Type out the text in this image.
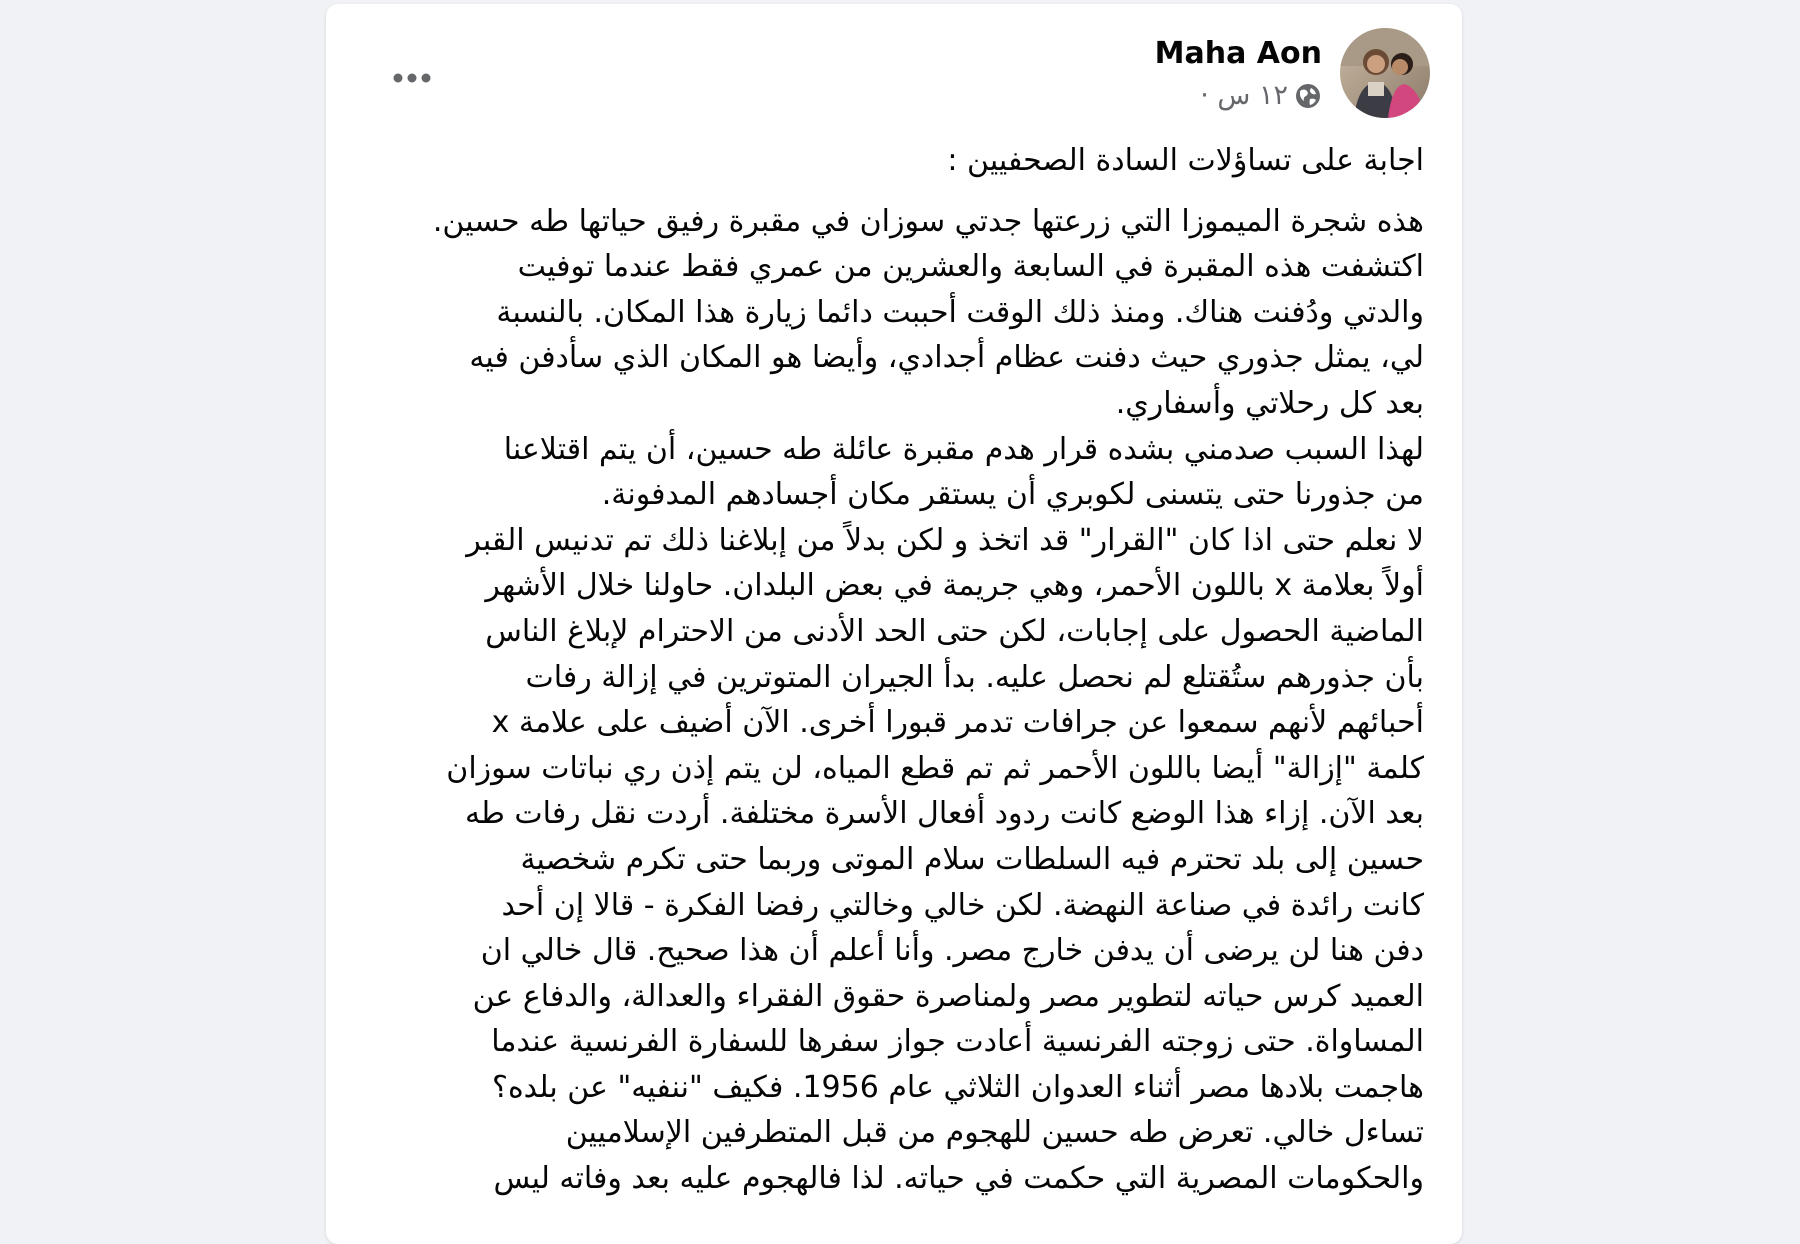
Maha Aon
١٢ س ·

اجابة على تساؤلات السادة الصحفيين :

هذه شجرة الميموزا التي زرعتها جدتي سوزان في مقبرة رفيق حياتها طه حسين.
اكتشفت هذه المقبرة في السابعة والعشرين من عمري فقط عندما توفيت
والدتي ودُفنت هناك. ومنذ ذلك الوقت أحببت دائما زيارة هذا المكان. بالنسبة
لي، يمثل جذوري حيث دفنت عظام أجدادي، وأيضا هو المكان الذي سأدفن فيه
بعد كل رحلاتي وأسفاري.
لهذا السبب صدمني بشده قرار هدم مقبرة عائلة طه حسين، أن يتم اقتلاعنا
من جذورنا حتى يتسنى لكوبري أن يستقر مكان أجسادهم المدفونة.
لا نعلم حتى اذا كان "القرار" قد اتخذ و لكن بدلاً من إبلاغنا ذلك تم تدنيس القبر
أولاً بعلامة x باللون الأحمر، وهي جريمة في بعض البلدان. حاولنا خلال الأشهر
الماضية الحصول على إجابات، لكن حتى الحد الأدنى من الاحترام لإبلاغ الناس
بأن جذورهم ستُقتلع لم نحصل عليه. بدأ الجيران المتوترين في إزالة رفات
أحبائهم لأنهم سمعوا عن جرافات تدمر قبورا أخرى. الآن أضيف على علامة x
كلمة "إزالة" أيضا باللون الأحمر ثم تم قطع المياه، لن يتم إذن ري نباتات سوزان
بعد الآن. إزاء هذا الوضع كانت ردود أفعال الأسرة مختلفة. أردت نقل رفات طه
حسين إلى بلد تحترم فيه السلطات سلام الموتى وربما حتى تكرم شخصية
كانت رائدة في صناعة النهضة. لكن خالي وخالتي رفضا الفكرة - قالا إن أحد
دفن هنا لن يرضى أن يدفن خارج مصر. وأنا أعلم أن هذا صحيح. قال خالي ان
العميد كرس حياته لتطوير مصر ولمناصرة حقوق الفقراء والعدالة، والدفاع عن
المساواة. حتى زوجته الفرنسية أعادت جواز سفرها للسفارة الفرنسية عندما
هاجمت بلادها مصر أثناء العدوان الثلاثي عام 1956. فكيف "ننفيه" عن بلده؟
تساءل خالي. تعرض طه حسين للهجوم من قبل المتطرفين الإسلاميين
والحكومات المصرية التي حكمت في حياته. لذا فالهجوم عليه بعد وفاته ليس
